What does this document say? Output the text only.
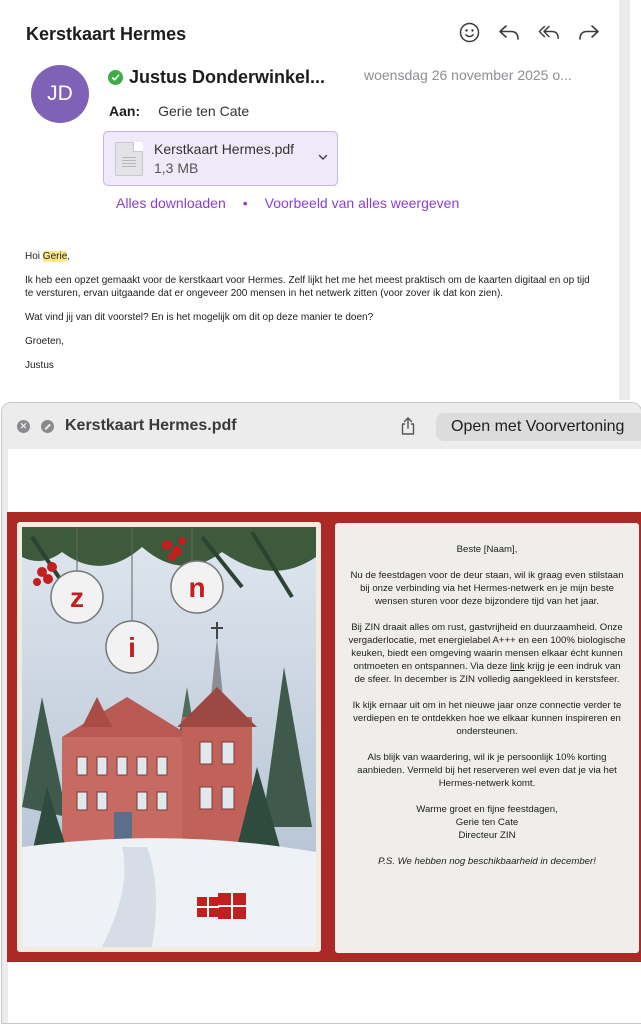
Kerstkaart Hermes
JD
Justus Donderwinkel...	woensdag 26 november 2025 o...
Aan: Gerie ten Cate
Kerstkaart Hermes.pdf
1,3 MB
Alles downloaden • Voorbeeld van alles weergeven

Hoi Gerie,

Ik heb een opzet gemaakt voor de kerstkaart voor Hermes. Zelf lijkt het me het meest praktisch om de kaarten digitaal en op tijd te versturen, ervan uitgaande dat er ongeveer 200 mensen in het netwerk zitten (voor zover ik dat kon zien).

Wat vind jij van dit voorstel? En is het mogelijk om dit op deze manier te doen?

Groeten,

Justus

✕ Kerstkaart Hermes.pdf	Open met Voorvertoning
z
i
n

Beste [Naam],

Nu de feestdagen voor de deur staan, wil ik graag even stilstaan bij onze verbinding via het Hermes-netwerk en je mijn beste wensen sturen voor deze bijzondere tijd van het jaar.

Bij ZIN draait alles om rust, gastvrijheid en duurzaamheid. Onze vergaderlocatie, met energielabel A+++ en een 100% biologische keuken, biedt een omgeving waarin mensen elkaar écht kunnen ontmoeten en ontspannen. Via deze link krijg je een indruk van de sfeer. In december is ZIN volledig aangekleed in kerstsfeer.

Ik kijk ernaar uit om in het nieuwe jaar onze connectie verder te verdiepen en te ontdekken hoe we elkaar kunnen inspireren en ondersteunen.

Als blijk van waardering, wil ik je persoonlijk 10% korting aanbieden. Vermeld bij het reserveren wel even dat je via het Hermes-netwerk komt.

Warme groet en fijne feestdagen,

Gerie ten Cate
Directeur ZIN

P.S. We hebben nog beschikbaarheid in december!
